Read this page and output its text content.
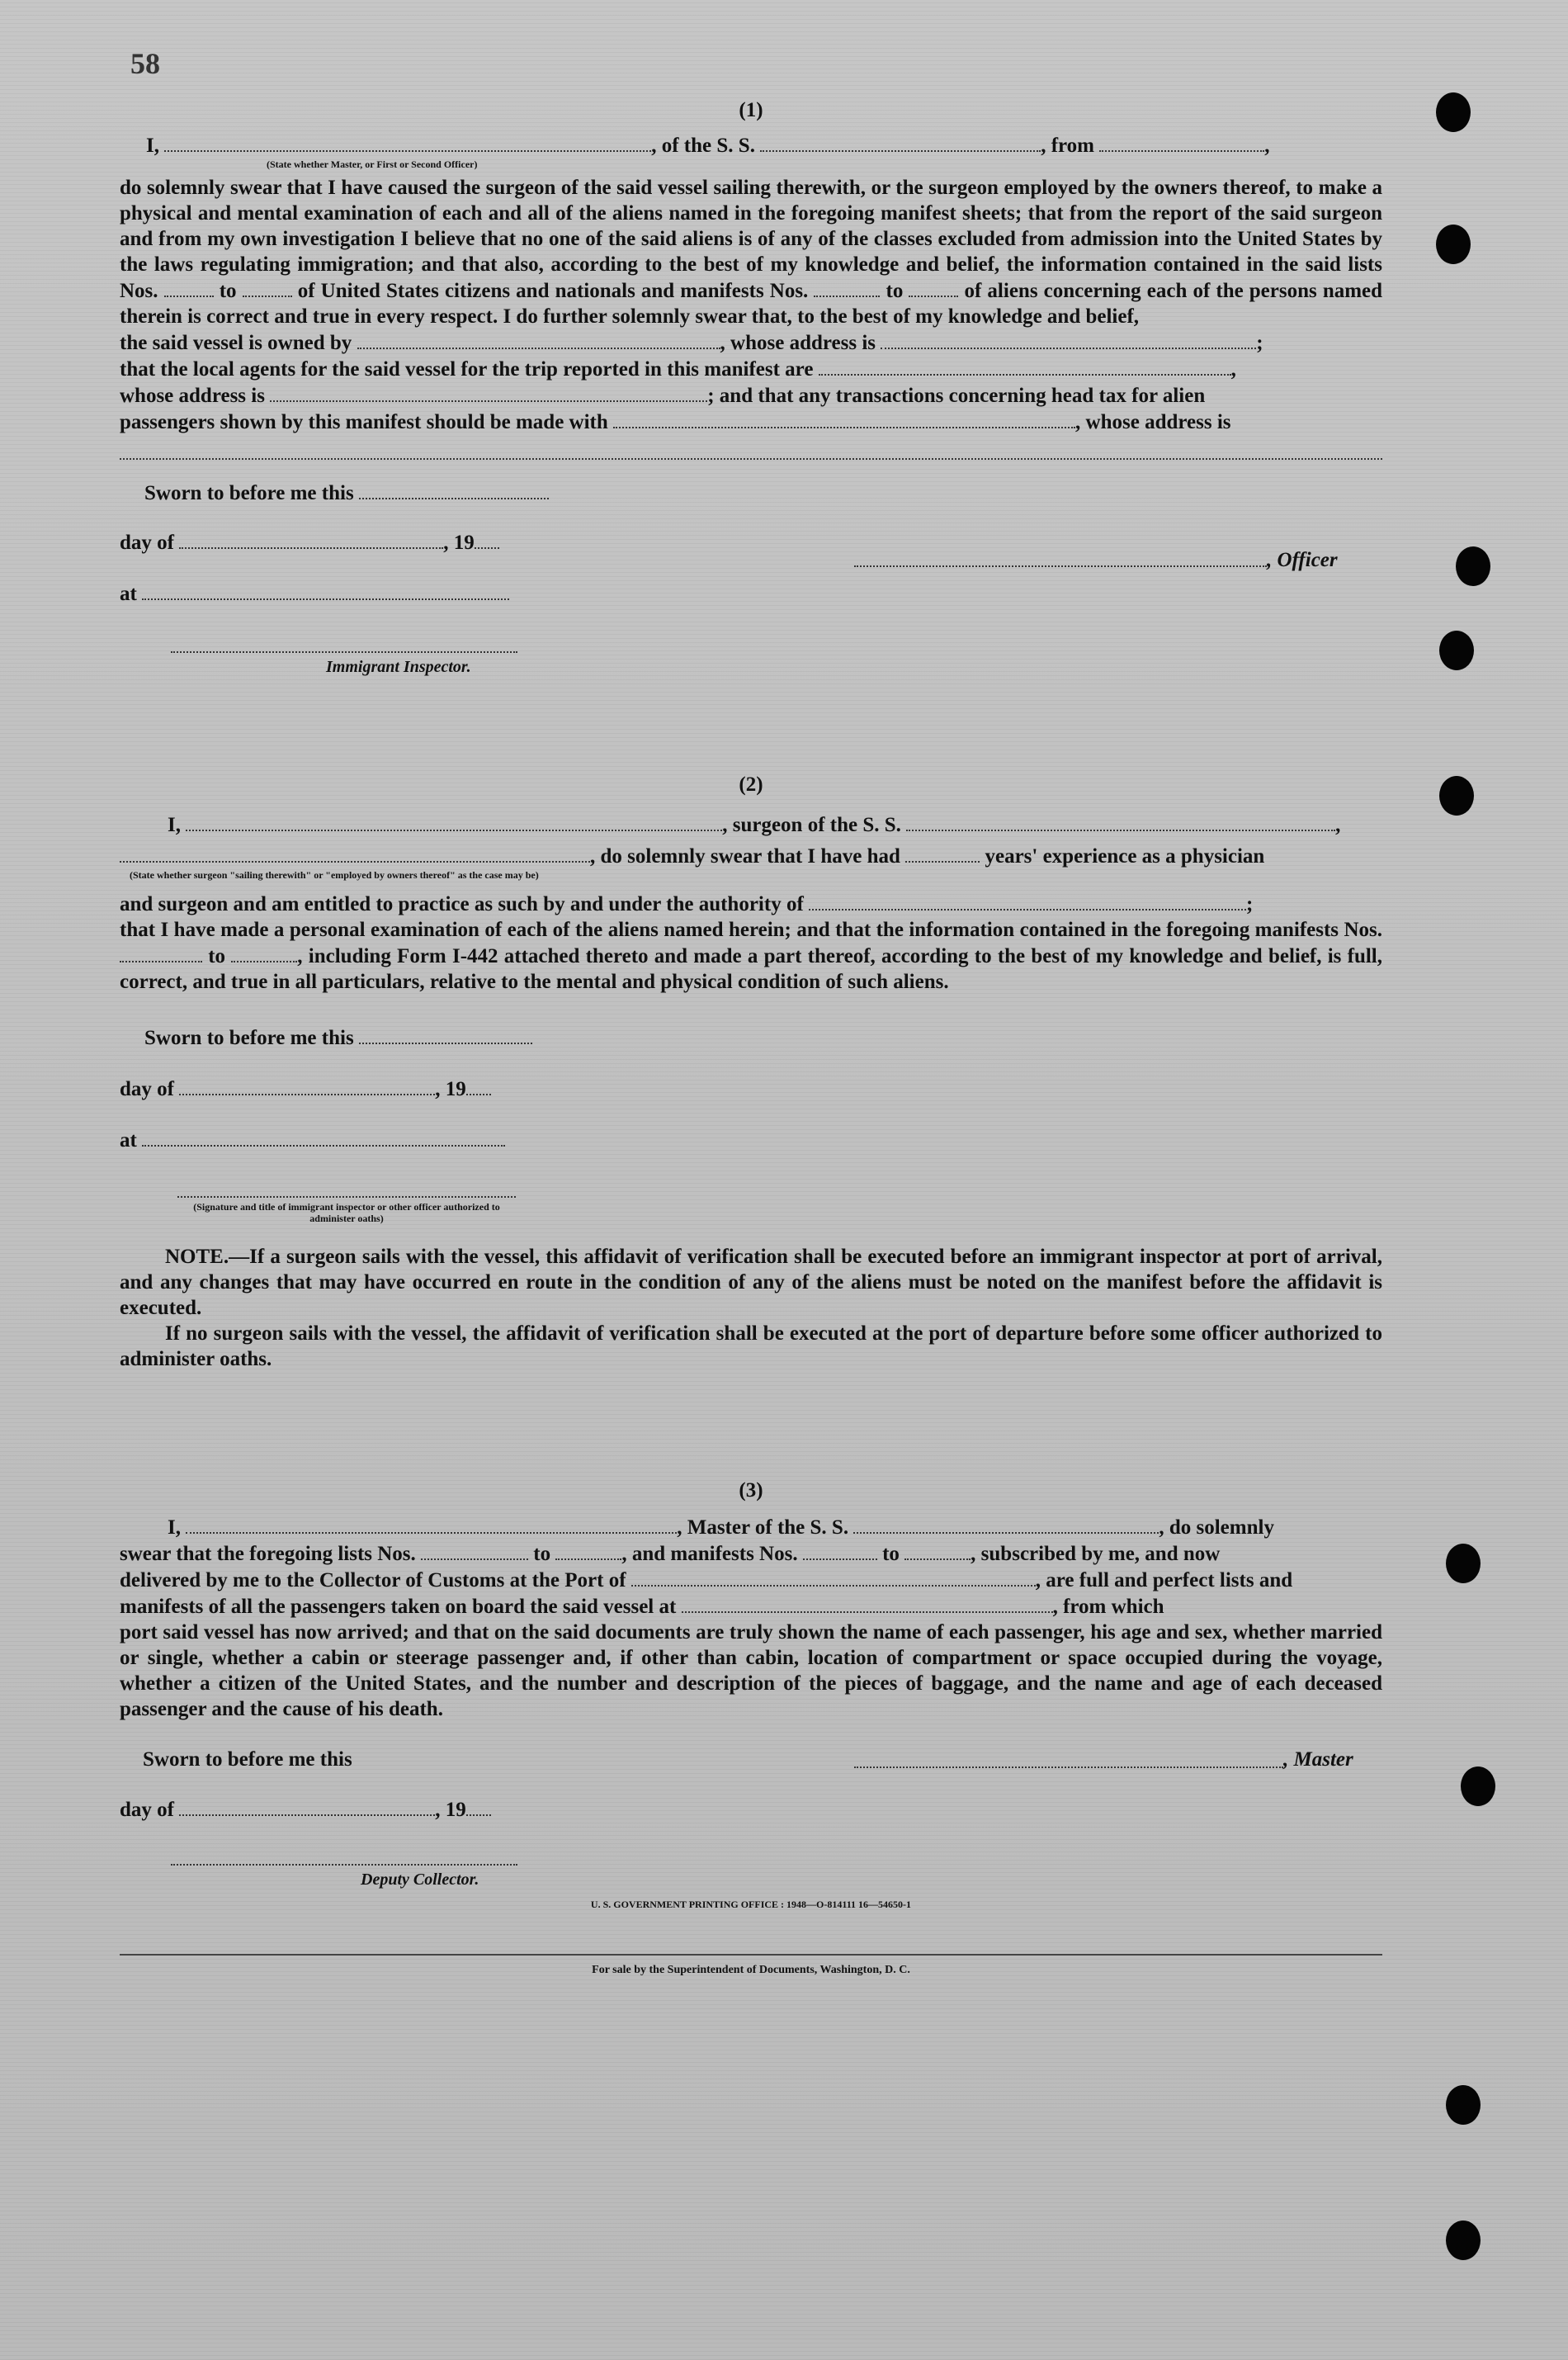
58

(1)

I,	, of the S. S.	, from	,

(State whether Master, or First or Second Officer)

do solemnly swear that I have caused the surgeon of the said vessel sailing therewith, or the surgeon employed by the owners thereof, to make a physical and mental examination of each and all of the aliens named in the foregoing manifest sheets; that from the report of the said surgeon and from my own investigation I believe that no one of the said aliens is of any of the classes excluded from admission into the United States by the laws regulating immigration; and that also, according to the best of my knowledge and belief, the information contained in the said lists Nos.	to	of United States citizens and nationals and manifests Nos.	to	of aliens concerning each of the persons named therein is correct and true in every respect. I do further solemnly swear that, to the best of my knowledge and belief,

the said vessel is owned by	, whose address is	;

that the local agents for the said vessel for the trip reported in this manifest are	,

whose address is	; and that any transactions concerning head tax for alien

passengers shown by this manifest should be made with	, whose address is

Sworn to before me this

day of	, 19

at

Immigrant Inspector.
, Officer

(2)

I,	, surgeon of the S. S.	,

, do solemnly swear that I have had	years' experience as a physician

(State whether surgeon "sailing therewith" or "employed by owners thereof" as the case may be)

and surgeon and am entitled to practice as such by and under the authority of	;

that I have made a personal examination of each of the aliens named herein; and that the information contained in the foregoing manifests Nos.  to	, including Form I-442 attached thereto and made a part thereof, according to the best of my knowledge and belief, is full, correct, and true in all particulars, relative to the mental and physical condition of such aliens.

Sworn to before me this

day of	, 19

at

(Signature and title of immigrant inspector or other officer authorized to administer oaths)

NOTE.—If a surgeon sails with the vessel, this affidavit of verification shall be executed before an immigrant inspector at port of arrival, and any changes that may have occurred en route in the condition of any of the aliens must be noted on the manifest before the affidavit is executed.

If no surgeon sails with the vessel, the affidavit of verification shall be executed at the port of departure before some officer authorized to administer oaths.

(3)

I,	, Master of the S. S.	, do solemnly

swear that the foregoing lists Nos.	to	, and manifests Nos.	to	, subscribed by me, and now

delivered by me to the Collector of Customs at the Port of	, are full and perfect lists and

manifests of all the passengers taken on board the said vessel at	, from which

port said vessel has now arrived; and that on the said documents are truly shown the name of each passenger, his age and sex, whether married or single, whether a cabin or steerage passenger and, if other than cabin, location of compartment or space occupied during the voyage, whether a citizen of the United States, and the number and description of the pieces of baggage, and the name and age of each deceased passenger and the cause of his death.

Sworn to before me this	, Master

day of	, 19

Deputy Collector.
U. S. GOVERNMENT PRINTING OFFICE : 1948—O-814111 16—54650-1
For sale by the Superintendent of Documents, Washington, D. C.
